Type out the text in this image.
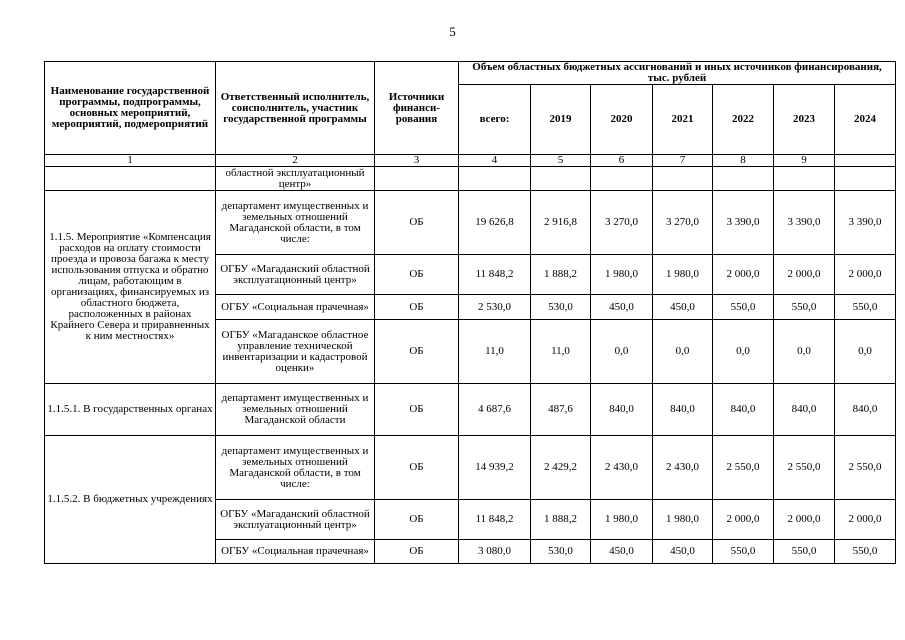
5
Наименование государственной программы, подпрограммы, основных мероприятий, мероприятий, подмероприятий	Ответственный исполнитель, соисполнитель, участник государственной программы	Источники финанси-рования	Объем областных бюджетных ассигнований и иных источников финансирования, тыс. рублей						
			всего:	2019	2020	2021	2022	2023	2024
1	2	3	4	5	6	7	8	9	
	областной эксплуатационный центр»								
1.1.5. Мероприятие «Компенсация расходов на оплату стоимости проезда и провоза багажа к месту использования отпуска и обратно лицам, работающим в организациях, финансируемых из областного бюджета, расположенных в районах Крайнего Севера и приравненных к ним местностях»	департамент имущественных и земельных отношений Магаданской области, в том числе:	ОБ	19 626,8	2 916,8	3 270,0	3 270,0	3 390,0	3 390,0	3 390,0
	ОГБУ «Магаданский областной эксплуатационный центр»	ОБ	11 848,2	1 888,2	1 980,0	1 980,0	2 000,0	2 000,0	2 000,0
	ОГБУ «Социальная прачечная»	ОБ	2 530,0	530,0	450,0	450,0	550,0	550,0	550,0
	ОГБУ «Магаданское областное управление технической инвентаризации и кадастровой оценки»	ОБ	11,0	11,0	0,0	0,0	0,0	0,0	0,0
1.1.5.1. В государственных органах	департамент имущественных и земельных отношений Магаданской области	ОБ	4 687,6	487,6	840,0	840,0	840,0	840,0	840,0
1.1.5.2. В бюджетных учреждениях	департамент имущественных и земельных отношений Магаданской области, в том числе:	ОБ	14 939,2	2 429,2	2 430,0	2 430,0	2 550,0	2 550,0	2 550,0
	ОГБУ «Магаданский областной эксплуатационный центр»	ОБ	11 848,2	1 888,2	1 980,0	1 980,0	2 000,0	2 000,0	2 000,0
	ОГБУ «Социальная прачечная»	ОБ	3 080,0	530,0	450,0	450,0	550,0	550,0	550,0
